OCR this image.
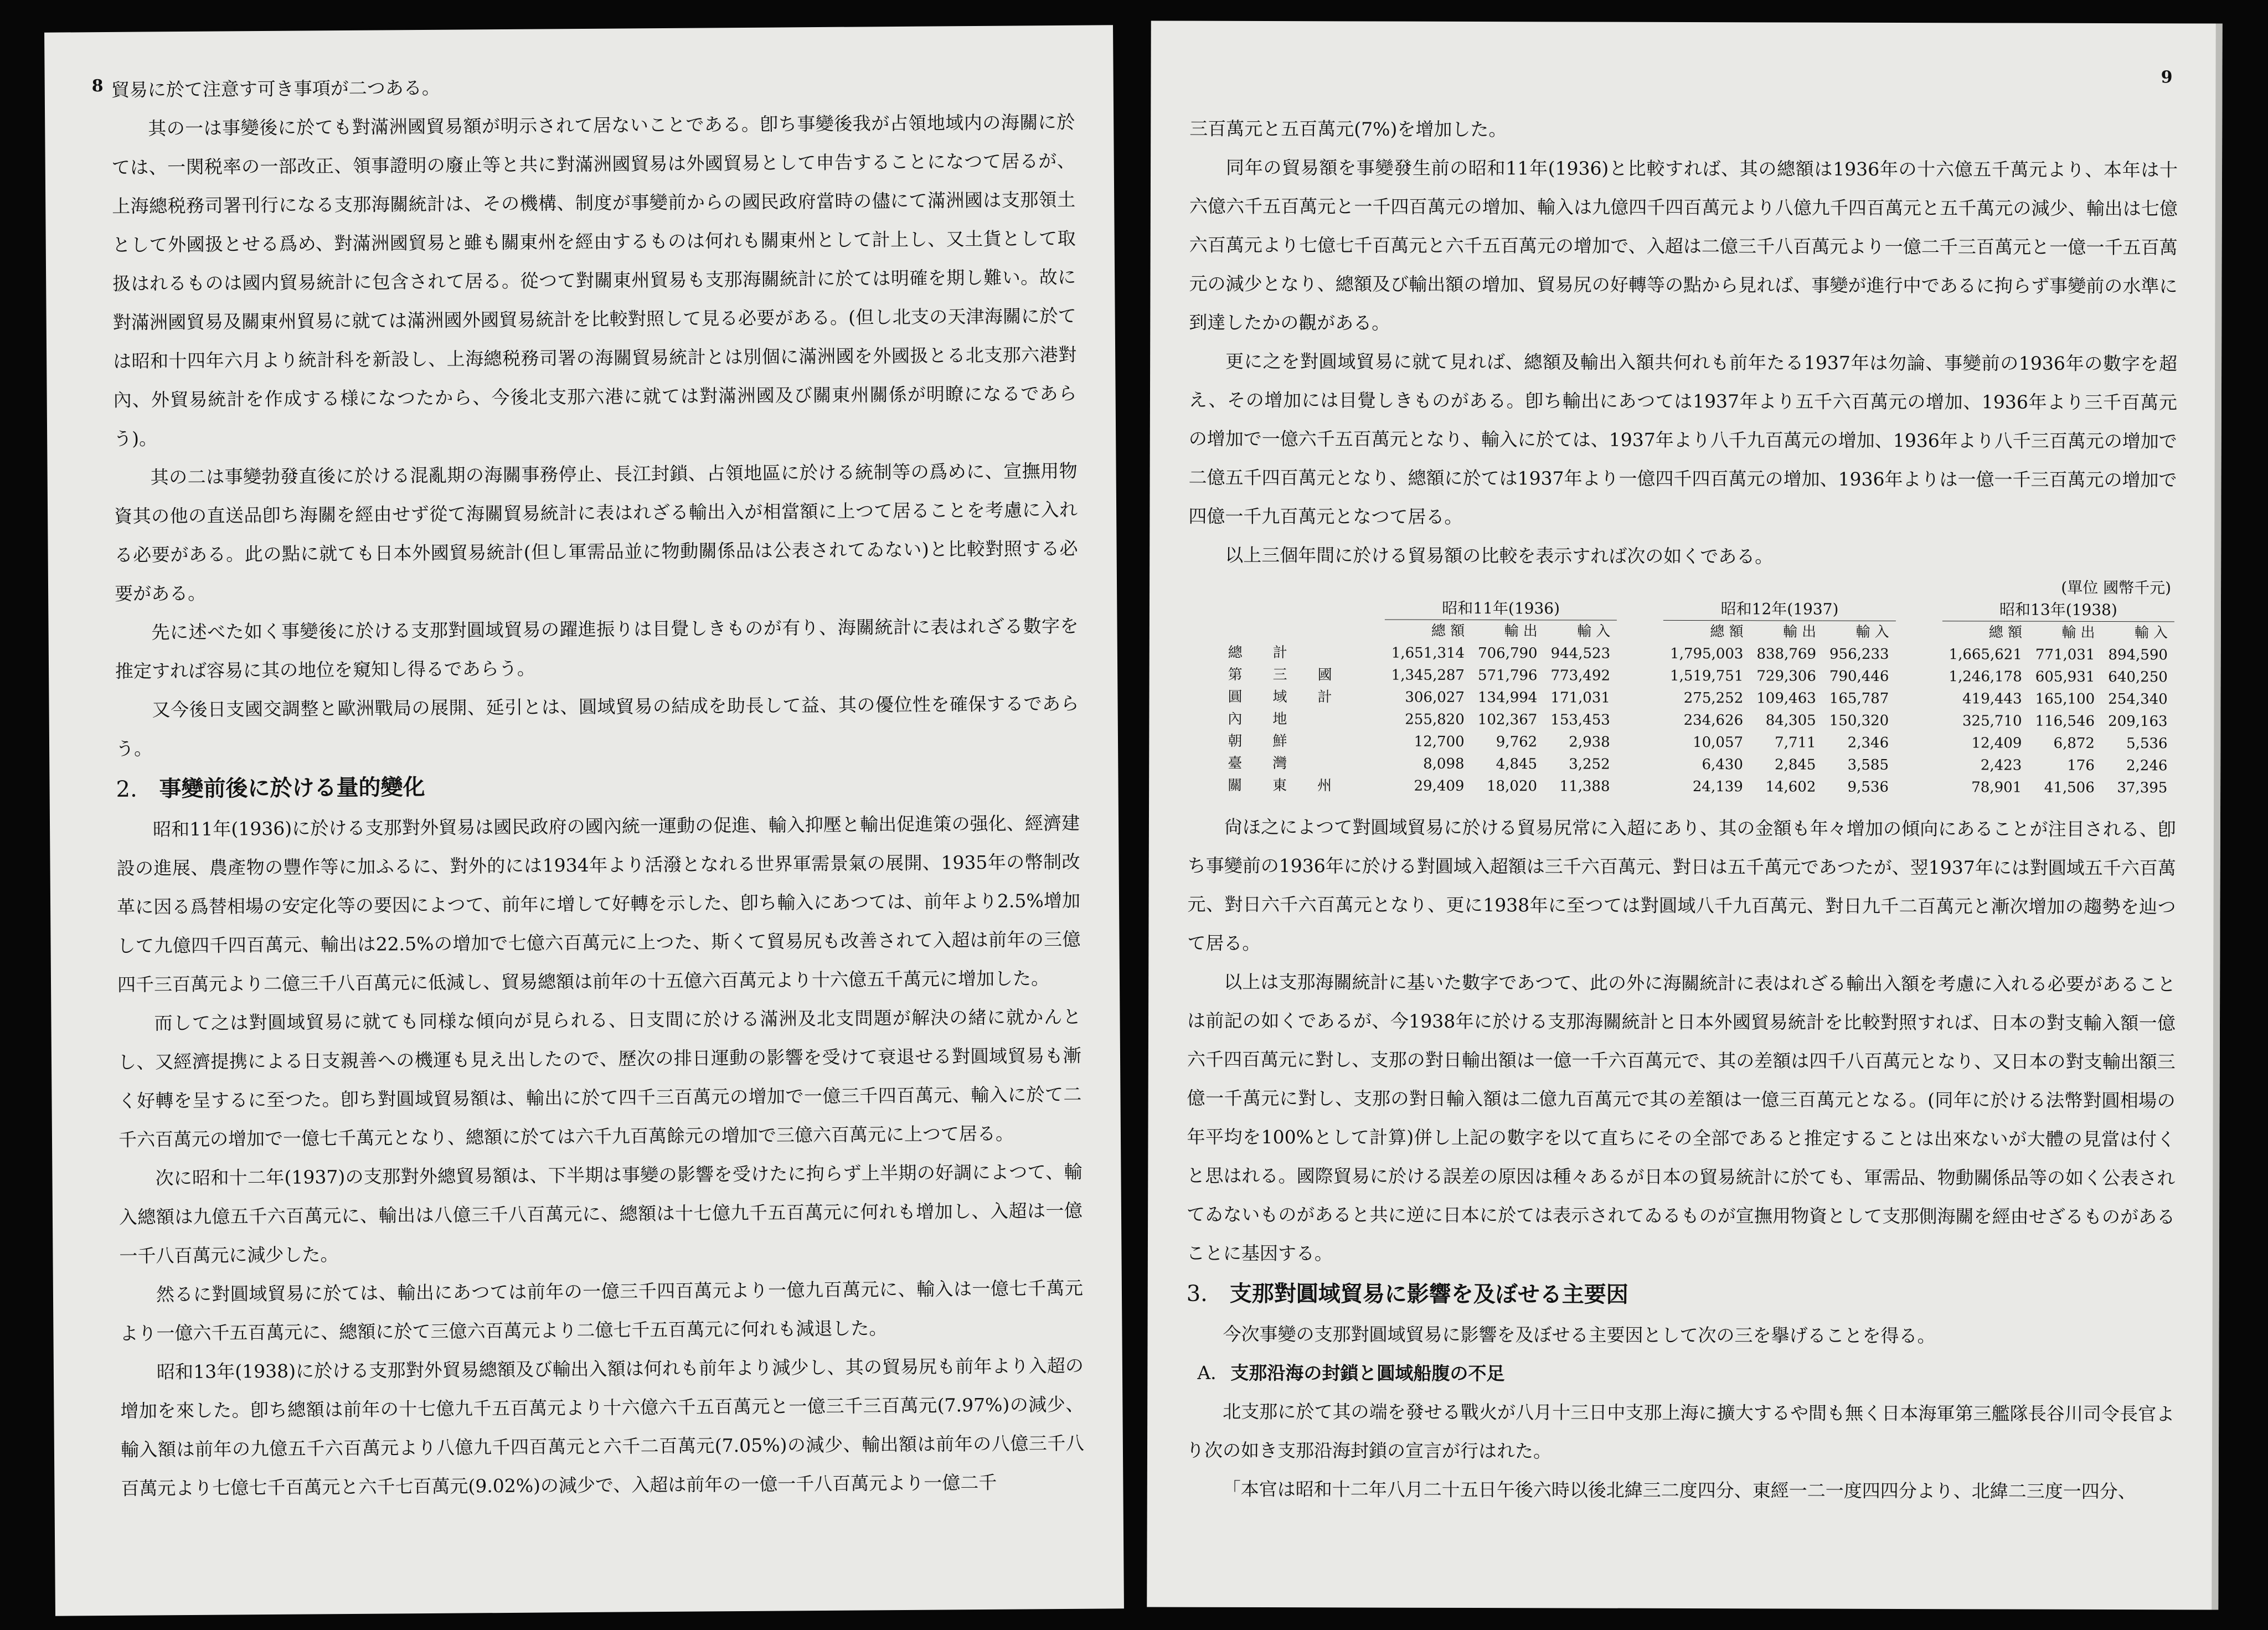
8 貿易に於て注意す可き事項が二つある。

其の一は事變後に於ても對滿洲國貿易額が明示されて居ないことである。卽ち事變後我が占領地域内の海關に於ては、一関税率の一部改正、領事證明の廢止等と共に對滿洲國貿易は外國貿易として申告することになつて居るが、上海總税務司署刊行になる支那海關統計は、その機構、制度が事變前からの國民政府當時の儘にて滿洲國は支那領土として外國扱とせる爲め、對滿洲國貿易と雖も關東州を經由するものは何れも關東州として計上し、又土貨として取扱はれるものは國内貿易統計に包含されて居る。從つて對關東州貿易も支那海關統計に於ては明確を期し難い。故に對滿洲國貿易及關東州貿易に就ては滿洲國外國貿易統計を比較對照して見る必要がある。(但し北支の天津海關に於ては昭和十四年六月より統計科を新設し、上海總税務司署の海關貿易統計とは別個に滿洲國を外國扱とる北支那六港對內、外貿易統計を作成する様になつたから、今後北支那六港に就ては對滿洲國及び關東州關係が明瞭になるであらう)。

其の二は事變勃發直後に於ける混亂期の海關事務停止、長江封鎖、占領地區に於ける統制等の爲めに、宣撫用物資其の他の直送品卽ち海關を經由せず從て海關貿易統計に表はれざる輸出入が相當額に上つて居ることを考慮に入れる必要がある。此の點に就ても日本外國貿易統計(但し軍需品並に物動關係品は公表されてゐない)と比較對照する必要がある。

先に述べた如く事變後に於ける支那對圓域貿易の躍進振りは目覺しきものが有り、海關統計に表はれざる數字を推定すれば容易に其の地位を窺知し得るであらう。

又今後日支國交調整と歐洲戰局の展開、延引とは、圓域貿易の結成を助長して益、其の優位性を確保するであらう。

2. 事變前後に於ける量的變化

昭和11年(1936)に於ける支那對外貿易は國民政府の國內統一運動の促進、輸入抑壓と輸出促進策の强化、經濟建設の進展、農產物の豐作等に加ふるに、對外的には1934年より活潑となれる世界軍需景氣の展開、1935年の幣制改革に因る爲替相場の安定化等の要因によつて、前年に增して好轉を示した、卽ち輸入にあつては、前年より2.5%增加して九億四千四百萬元、輸出は22.5%の增加で七億六百萬元に上つた、斯くて貿易尻も改善されて入超は前年の三億四千三百萬元より二億三千八百萬元に低減し、貿易總額は前年の十五億六百萬元より十六億五千萬元に增加した。

而して之は對圓域貿易に就ても同様な傾向が見られる、日支間に於ける滿洲及北支問題が解決の緒に就かんとし、又經濟提携による日支親善への機運も見え出したので、歷次の排日運動の影響を受けて衰退せる對圓域貿易も漸く好轉を呈するに至つた。卽ち對圓域貿易額は、輸出に於て四千三百萬元の增加で一億三千四百萬元、輸入に於て二千六百萬元の增加で一億七千萬元となり、總額に於ては六千九百萬餘元の增加で三億六百萬元に上つて居る。

次に昭和十二年(1937)の支那對外總貿易額は、下半期は事變の影響を受けたに拘らず上半期の好調によつて、輸入總額は九億五千六百萬元に、輸出は八億三千八百萬元に、總額は十七億九千五百萬元に何れも增加し、入超は一億一千八百萬元に減少した。

然るに對圓域貿易に於ては、輸出にあつては前年の一億三千四百萬元より一億九百萬元に、輸入は一億七千萬元より一億六千五百萬元に、總額に於て三億六百萬元より二億七千五百萬元に何れも減退した。

昭和13年(1938)に於ける支那對外貿易總額及び輸出入額は何れも前年より減少し、其の貿易尻も前年より入超の增加を來した。卽ち總額は前年の十七億九千五百萬元より十六億六千五百萬元と一億三千三百萬元(7.97%)の減少、輸入額は前年の九億五千六百萬元より八億九千四百萬元と六千二百萬元(7.05%)の減少、輸出額は前年の八億三千八百萬元より七億七千百萬元と六千七百萬元(9.02%)の減少で、入超は前年の一億一千八百萬元より一億二千

9

三百萬元と五百萬元(7%)を增加した。

同年の貿易額を事變發生前の昭和11年(1936)と比較すれば、其の總額は1936年の十六億五千萬元より、本年は十六億六千五百萬元と一千四百萬元の增加、輸入は九億四千四百萬元より八億九千四百萬元と五千萬元の減少、輸出は七億六百萬元より七億七千百萬元と六千五百萬元の增加で、入超は二億三千八百萬元より一億二千三百萬元と一億一千五百萬元の減少となり、總額及び輸出額の增加、貿易尻の好轉等の點から見れば、事變が進行中であるに拘らず事變前の水準に到達したかの觀がある。

更に之を對圓域貿易に就て見れば、總額及輸出入額共何れも前年たる1937年は勿論、事變前の1936年の數字を超え、その增加には目覺しきものがある。卽ち輸出にあつては1937年より五千六百萬元の增加、1936年より三千百萬元の增加で一億六千五百萬元となり、輸入に於ては、1937年より八千九百萬元の增加、1936年より八千三百萬元の增加で二億五千四百萬元となり、總額に於ては1937年より一億四千四百萬元の增加、1936年よりは一億一千三百萬元の增加で四億一千九百萬元となつて居る。

以上三個年間に於ける貿易額の比較を表示すれば次の如くである。

(單位 國幣千元)
	昭和11年(1936)				昭和12年(1937)				昭和13年(1938)		
	總 額	輸 出	輸 入		總 額	輸 出	輸 入		總 額	輸 出	輸 入
總計	1,651,314	706,790	944,523		1,795,003	838,769	956,233		1,665,621	771,031	894,590
第三國	1,345,287	571,796	773,492		1,519,751	729,306	790,446		1,246,178	605,931	640,250
圓域計	306,027	134,994	171,031		275,252	109,463	165,787		419,443	165,100	254,340
內地	255,820	102,367	153,453		234,626	84,305	150,320		325,710	116,546	209,163
朝鮮	12,700	9,762	2,938		10,057	7,711	2,346		12,409	6,872	5,536
臺灣	8,098	4,845	3,252		6,430	2,845	3,585		2,423	176	2,246
關東州	29,409	18,020	11,388		24,139	14,602	9,536		78,901	41,506	37,395

尙ほ之によつて對圓域貿易に於ける貿易尻常に入超にあり、其の金額も年々增加の傾向にあることが注目される、卽ち事變前の1936年に於ける對圓域入超額は三千六百萬元、對日は五千萬元であつたが、翌1937年には對圓域五千六百萬元、對日六千六百萬元となり、更に1938年に至つては對圓域八千九百萬元、對日九千二百萬元と漸次增加の趨勢を辿つて居る。

以上は支那海關統計に基いた數字であつて、此の外に海關統計に表はれざる輸出入額を考慮に入れる必要があることは前記の如くであるが、今1938年に於ける支那海關統計と日本外國貿易統計を比較對照すれば、日本の對支輸入額一億六千四百萬元に對し、支那の對日輸出額は一億一千六百萬元で、其の差額は四千八百萬元となり、又日本の對支輸出額三億一千萬元に對し、支那の對日輸入額は二億九百萬元で其の差額は一億三百萬元となる。(同年に於ける法幣對圓相場の年平均を100%として計算)併し上記の數字を以て直ちにその全部であると推定することは出來ないが大體の見當は付くと思はれる。國際貿易に於ける誤差の原因は種々あるが日本の貿易統計に於ても、軍需品、物動關係品等の如く公表されてゐないものがあると共に逆に日本に於ては表示されてゐるものが宣撫用物資として支那側海關を經由せざるものがあることに基因する。

3. 支那對圓域貿易に影響を及ぼせる主要因

今次事變の支那對圓域貿易に影響を及ぼせる主要因として次の三を擧げることを得る。

A. 支那沿海の封鎖と圓域船腹の不足

北支那に於て其の端を發せる戰火が八月十三日中支那上海に擴大するや間も無く日本海軍第三艦隊長谷川司令長官より次の如き支那沿海封鎖の宣言が行はれた。

「本官は昭和十二年八月二十五日午後六時以後北緯三二度四分、東經一二一度四四分より、北緯二三度一四分、
